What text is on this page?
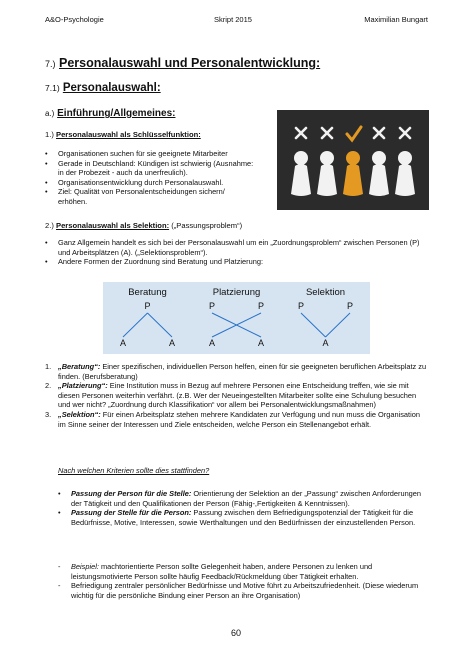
A&O-Psychologie	Skript 2015	Maximilian Bungart
7.) Personalauswahl und Personalentwicklung:
7.1) Personalauswahl:
a.) Einführung/Allgemeines:
1.) Personalauswahl als Schlüsselfunktion:
• Organisationen suchen für sie geeignete Mitarbeiter
• Gerade in Deutschland: Kündigen ist schwierig (Ausnahme: in der Probezeit - auch da unerfreulich).
• Organisationsentwicklung durch Personalauswahl.
• Ziel: Qualität von Personalentscheidungen sichern/ erhöhen.
2.) Personalauswahl als Selektion: („Passungsproblem“)
• Ganz Allgemein handelt es sich bei der Personalauswahl um ein „Zuordnungsproblem“ zwischen Personen (P) und Arbeitsplätzen (A). („Selektionsproblem“).
• Andere Formen der Zuordnung sind Beratung und Platzierung:
Beratung
P
A	A
Platzierung
P	P
A	A
Selektion
P	P
A
1. „Beratung“: Einer spezifischen, individuellen Person helfen, einen für sie geeigneten beruflichen Arbeitsplatz zu finden. (Berufsberatung)
2. „Platzierung“: Eine Institution muss in Bezug auf mehrere Personen eine Entscheidung treffen, wie sie mit diesen Personen weiterhin verfährt. (z.B. Wer der Neueingestellten Mitarbeiter sollte eine Schulung besuchen und wer nicht? „Zuordnung durch Klassifikation“ vor allem bei Personalentwicklungsmaßnahmen)
3. „Selektion“: Für einen Arbeitsplatz stehen mehrere Kandidaten zur Verfügung und nun muss die Organisation im Sinne seiner der Interessen und Ziele entscheiden, welche Person ein Stellenangebot erhält.
Nach welchen Kriterien sollte dies stattfinden?
• Passung der Person für die Stelle: Orientierung der Selektion an der „Passung“ zwischen Anforderungen der Tätigkeit und den Qualifikationen der Person (Fähig-,Fertigkeiten & Kenntnissen).
• Passung der Stelle für die Person: Passung zwischen dem Befriedigungspotenzial der Tätigkeit für die Bedürfnisse, Motive, Interessen, sowie Werthaltungen und den Bedürfnissen der einzustellenden Person.
- Beispiel: machtorientierte Person sollte Gelegenheit haben, andere Personen zu lenken und leistungsmotivierte Person sollte häufig Feedback/Rückmeldung über Tätigkeit erhalten.
- Befriedigung zentraler persönlicher Bedürfnisse und Motive führt zu Arbeitszufriedenheit. (Diese wiederum wichtig für die persönliche Bindung einer Person an ihre Organisation)
60
